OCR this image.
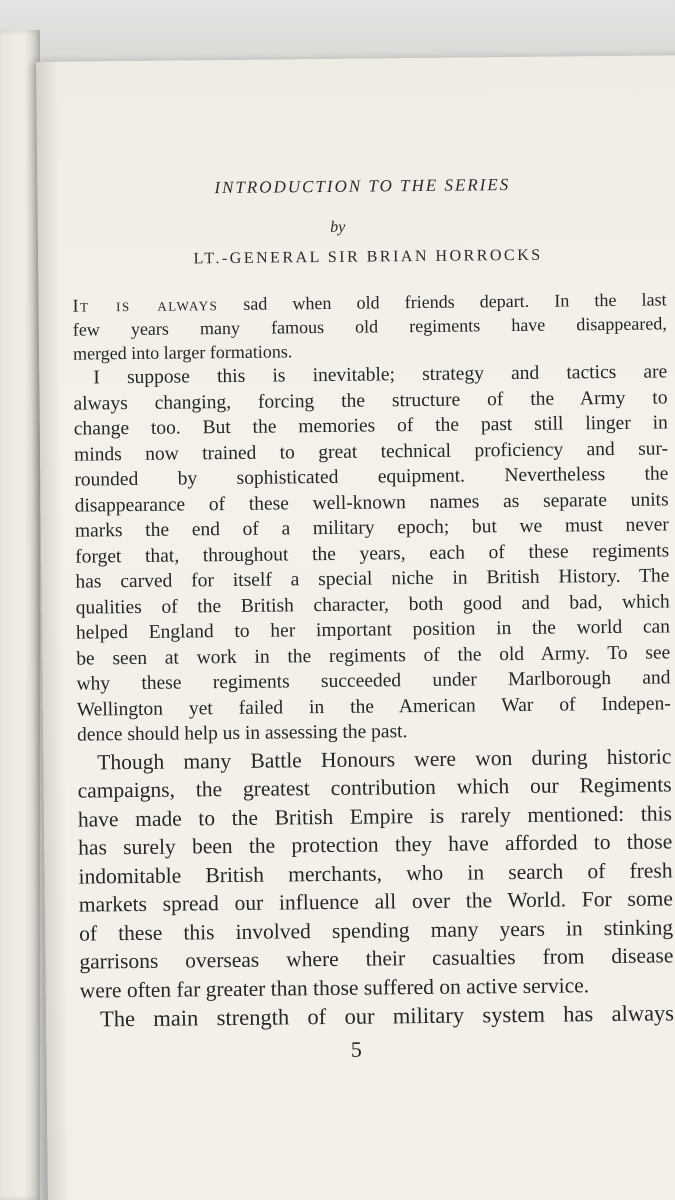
INTRODUCTION TO THE SERIES
by
LT.-GENERAL SIR BRIAN HORROCKS

It is always sad when old friends depart. In the last
few years many famous old regiments have disappeared,
merged into larger formations.

I suppose this is inevitable; strategy and tactics are
always changing, forcing the structure of the Army to
change too. But the memories of the past still linger in
minds now trained to great technical proficiency and sur-
rounded by sophisticated equipment. Nevertheless the
disappearance of these well-known names as separate units
marks the end of a military epoch; but we must never
forget that, throughout the years, each of these regiments
has carved for itself a special niche in British History. The
qualities of the British character, both good and bad, which
helped England to her important position in the world can
be seen at work in the regiments of the old Army. To see
why these regiments succeeded under Marlborough and
Wellington yet failed in the American War of Indepen-
dence should help us in assessing the past.

Though many Battle Honours were won during historic
campaigns, the greatest contribution which our Regiments
have made to the British Empire is rarely mentioned: this
has surely been the protection they have afforded to those
indomitable British merchants, who in search of fresh
markets spread our influence all over the World. For some
of these this involved spending many years in stinking
garrisons overseas where their casualties from disease
were often far greater than those suffered on active service.

The main strength of our military system has always

5
